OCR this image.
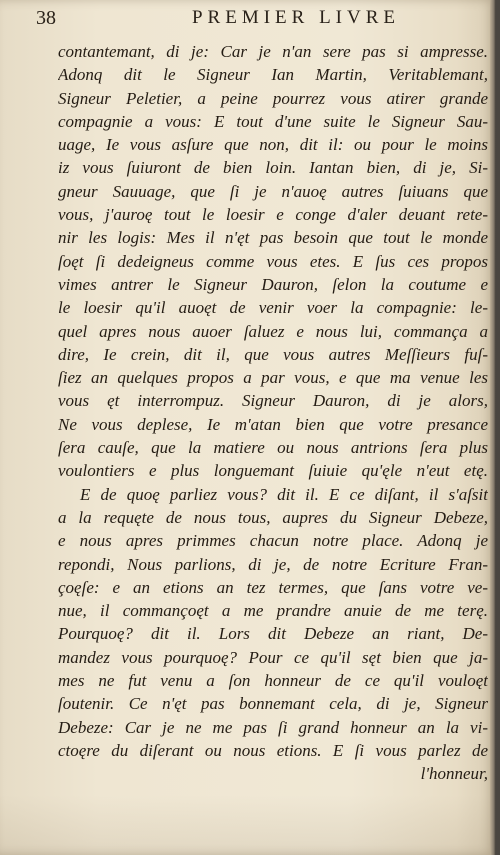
38	PREMIER LIVRE
contantemant, di je: Car je n'an sere pas si ampresse.
Adonq dit le Signeur Ian Martin, Veritablemant,
Signeur Peletier, a peine pourrez vous atirer grande
compagnie a vous: E tout d'une suite le Signeur Sau-
uage, Ie vous asſure que non, dit il: ou pour le moins
iz vous ſuiuront de bien loin. Iantan bien, di je, Si-
gneur Sauuage, que ſi je n'auoę autres ſuiuans que
vous, j'auroę tout le loesir e conge d'aler deuant rete-
nir les logis: Mes il n'ęt pas besoin que tout le monde
ſoęt ſi dedeigneus comme vous etes. E ſus ces propos
vimes antrer le Signeur Dauron, ſelon la coutume e
le loesir qu'il auoęt de venir voer la compagnie: le-
quel apres nous auoer ſaluez e nous lui, commança a
dire, Ie crein, dit il, que vous autres Meſſieurs fuſ-
ſiez an quelques propos a par vous, e que ma venue les
vous ęt interrompuz. Signeur Dauron, di je alors,
Ne vous deplese, Ie m'atan bien que votre presance
ſera cauſe, que la matiere ou nous antrions ſera plus
voulontiers e plus longuemant ſuiuie qu'ęle n'eut etę.
E de quoę parliez vous? dit il. E ce diſant, il s'aſsit
a la requęte de nous tous, aupres du Signeur Debeze,
e nous apres primmes chacun notre place. Adonq je
repondi, Nous parlions, di je, de notre Ecriture Fran-
çoęſe: e an etions an tez termes, que ſans votre ve-
nue, il commançoęt a me prandre anuie de me terę.
Pourquoę? dit il. Lors dit Debeze an riant, De-
mandez vous pourquoę? Pour ce qu'il sęt bien que ja-
mes ne fut venu a ſon honneur de ce qu'il vouloęt
ſoutenir. Ce n'ęt pas bonnemant cela, di je, Signeur
Debeze: Car je ne me pas ſi grand honneur an la vi-
ctoęre du diſerant ou nous etions. E ſi vous parlez de
l'honneur,
